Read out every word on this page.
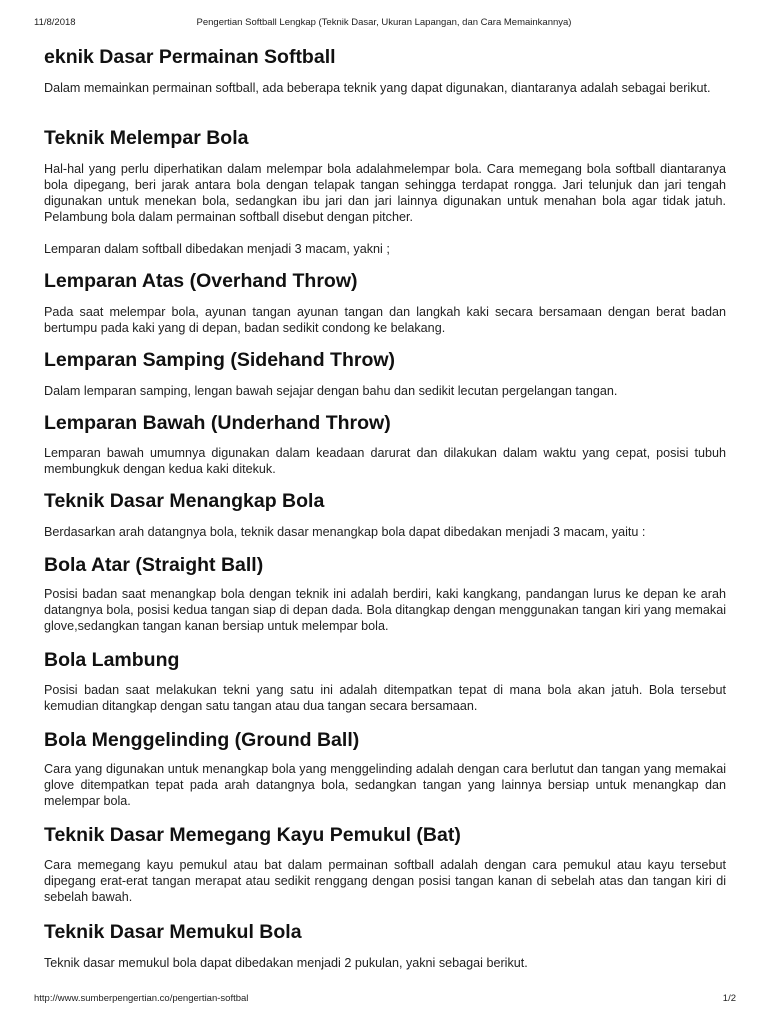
11/8/2018	Pengertian Softball Lengkap (Teknik Dasar, Ukuran Lapangan, dan Cara Memainkannya)
eknik Dasar Permainan Softball

Dalam memainkan permainan softball, ada beberapa teknik yang dapat digunakan, diantaranya adalah sebagai berikut.

Teknik Melempar Bola

Hal-hal yang perlu diperhatikan dalam melempar bola adalahmelempar bola. Cara memegang bola softball diantaranya bola dipegang, beri jarak antara bola dengan telapak tangan sehingga terdapat rongga. Jari telunjuk dan jari tengah digunakan untuk menekan bola, sedangkan ibu jari dan jari lainnya digunakan untuk menahan bola agar tidak jatuh. Pelambung bola dalam permainan softball disebut dengan pitcher.

Lemparan dalam softball dibedakan menjadi 3 macam, yakni ;

Lemparan Atas (Overhand Throw)

Pada saat melempar bola, ayunan tangan ayunan tangan dan langkah kaki secara bersamaan dengan berat badan bertumpu pada kaki yang di depan, badan sedikit condong ke belakang.

Lemparan Samping (Sidehand Throw)

Dalam lemparan samping, lengan bawah sejajar dengan bahu dan sedikit lecutan pergelangan tangan.

Lemparan Bawah (Underhand Throw)

Lemparan bawah umumnya digunakan dalam keadaan darurat dan dilakukan dalam waktu yang cepat, posisi tubuh membungkuk dengan kedua kaki ditekuk.

Teknik Dasar Menangkap Bola

Berdasarkan arah datangnya bola, teknik dasar menangkap bola dapat dibedakan menjadi 3 macam, yaitu :

Bola Atar (Straight Ball)

Posisi badan saat menangkap bola dengan teknik ini adalah berdiri, kaki kangkang, pandangan lurus ke depan ke arah datangnya bola, posisi kedua tangan siap di depan dada. Bola ditangkap dengan menggunakan tangan kiri yang memakai glove,sedangkan tangan kanan bersiap untuk melempar bola.

Bola Lambung

Posisi badan saat melakukan tekni yang satu ini adalah ditempatkan tepat di mana bola akan jatuh. Bola tersebut kemudian ditangkap dengan satu tangan atau dua tangan secara bersamaan.

Bola Menggelinding (Ground Ball)

Cara yang digunakan untuk menangkap bola yang menggelinding adalah dengan cara berlutut dan tangan yang memakai glove ditempatkan tepat pada arah datangnya bola, sedangkan tangan yang lainnya bersiap untuk menangkap dan melempar bola.

Teknik Dasar Memegang Kayu Pemukul (Bat)

Cara memegang kayu pemukul atau bat dalam permainan softball adalah dengan cara pemukul atau kayu tersebut dipegang erat-erat tangan merapat atau sedikit renggang dengan posisi tangan kanan di sebelah atas dan tangan kiri di sebelah bawah.

Teknik Dasar Memukul Bola

Teknik dasar memukul bola dapat dibedakan menjadi 2 pukulan, yakni sebagai berikut.

http://www.sumberpengertian.co/pengertian-softbal	1/2
